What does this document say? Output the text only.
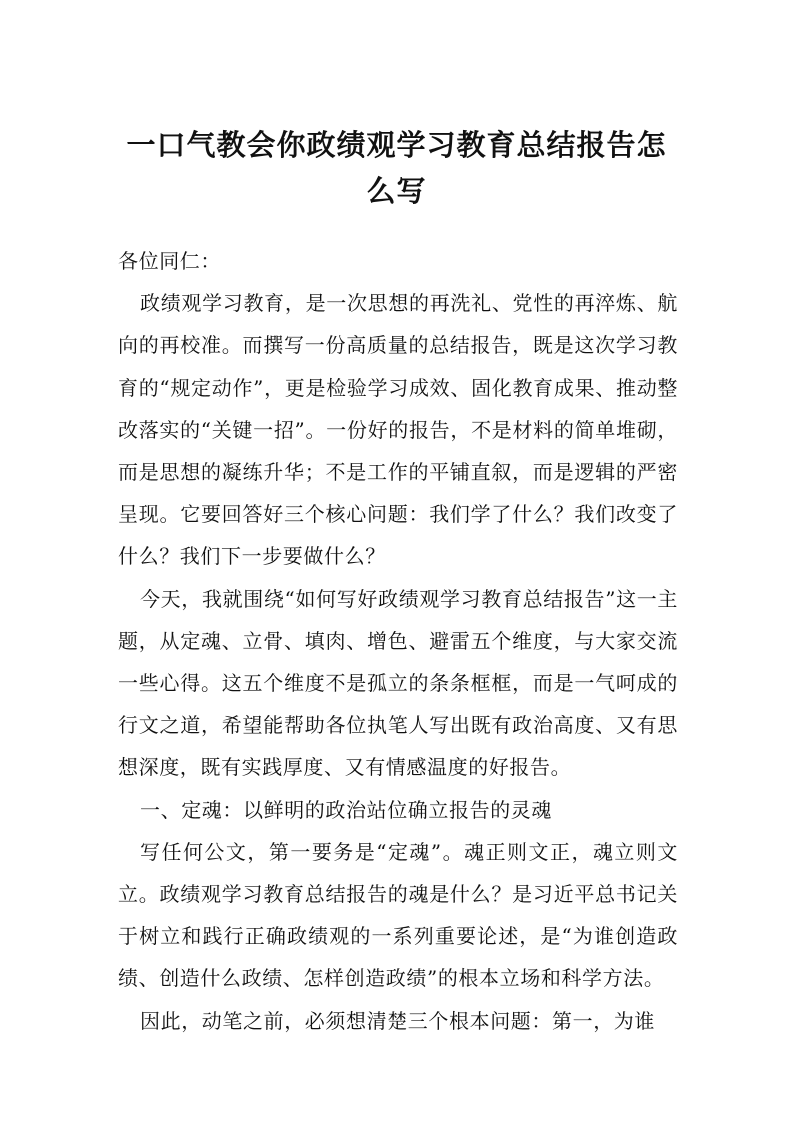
一口气教会你政绩观学习教育总结报告怎
么写

各位同仁：

政绩观学习教育，是一次思想的再洗礼、党性的再淬炼、航向的再校准。而撰写一份高质量的总结报告，既是这次学习教育的“规定动作”，更是检验学习成效、固化教育成果、推动整改落实的“关键一招”。一份好的报告，不是材料的简单堆砌，而是思想的凝练升华；不是工作的平铺直叙，而是逻辑的严密呈现。它要回答好三个核心问题：我们学了什么？我们改变了什么？我们下一步要做什么？

今天，我就围绕“如何写好政绩观学习教育总结报告”这一主题，从定魂、立骨、填肉、增色、避雷五个维度，与大家交流一些心得。这五个维度不是孤立的条条框框，而是一气呵成的行文之道，希望能帮助各位执笔人写出既有政治高度、又有思想深度，既有实践厚度、又有情感温度的好报告。

一、定魂：以鲜明的政治站位确立报告的灵魂

写任何公文，第一要务是“定魂”。魂正则文正，魂立则文立。政绩观学习教育总结报告的魂是什么？是习近平总书记关于树立和践行正确政绩观的一系列重要论述，是“为谁创造政绩、创造什么政绩、怎样创造政绩”的根本立场和科学方法。

因此，动笔之前，必须想清楚三个根本问题：第一，为谁
